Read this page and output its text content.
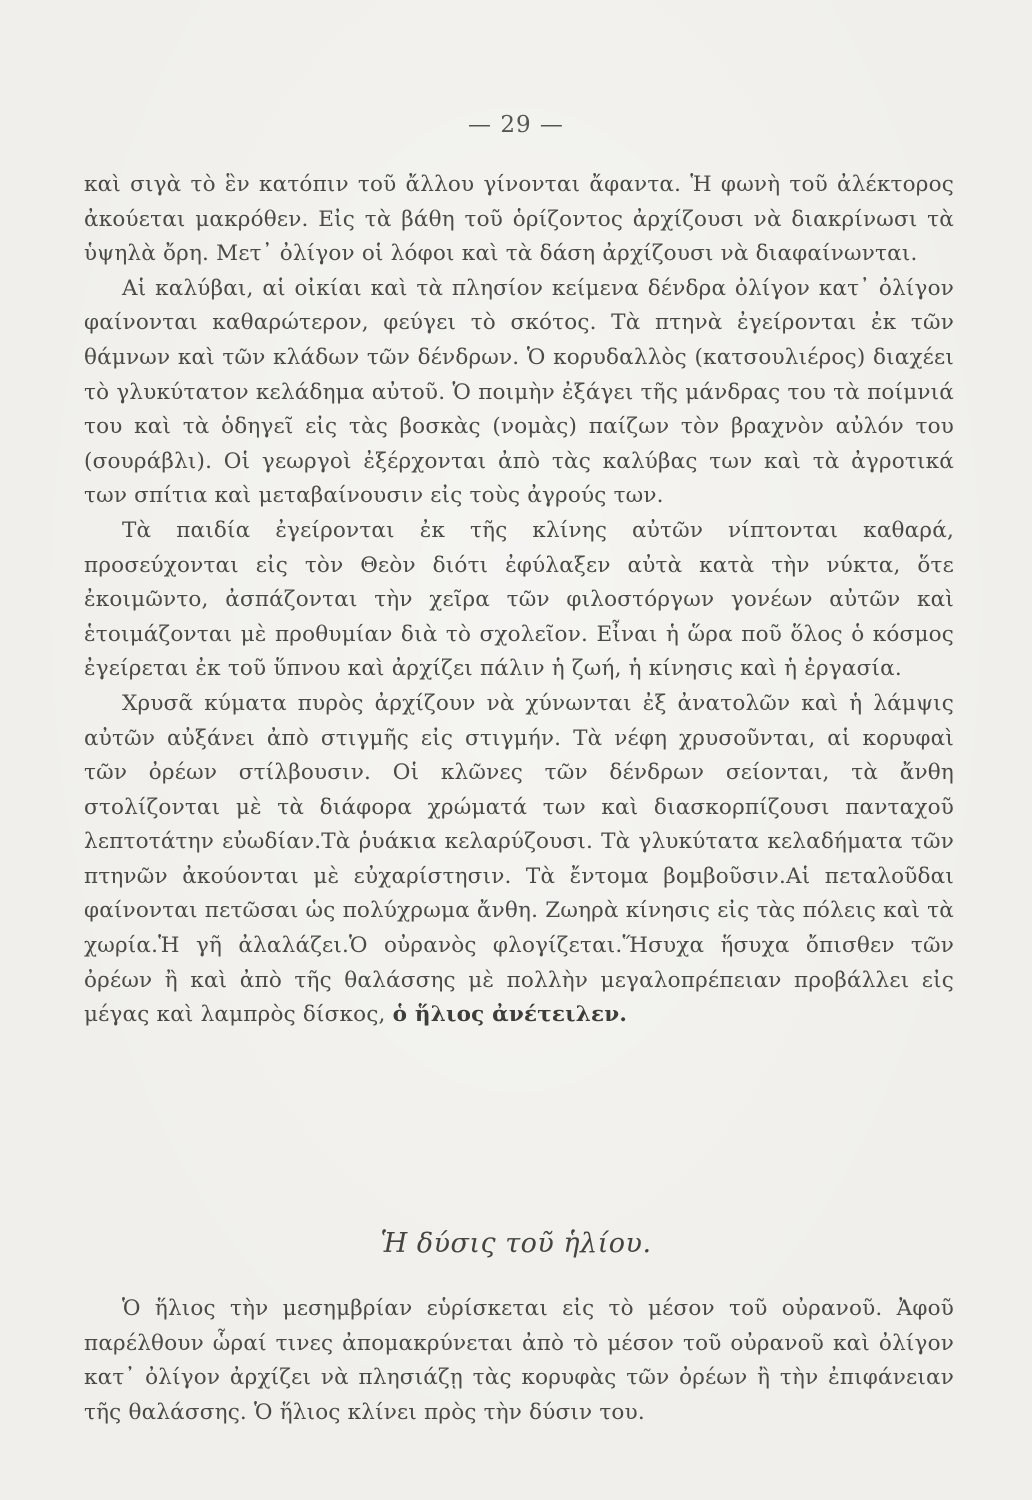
— 29 —

καὶ σιγὰ τὸ ἓν κατόπιν τοῦ ἄλλου γίνονται ἄφαντα. Ἡ φωνὴ τοῦ ἀλέκτορος ἀκούεται μακρόθεν. Εἰς τὰ βάθη τοῦ ὁρίζοντος ἀρχίζουσι νὰ διακρίνωσι τὰ ὑψηλὰ ὄρη. Μετ᾽ ὀλίγον οἱ λόφοι καὶ τὰ δάση ἀρχίζουσι νὰ διαφαίνωνται.

Αἱ καλύβαι, αἱ οἰκίαι καὶ τὰ πλησίον κείμενα δένδρα ὀλίγον κατ᾽ ὀλίγον φαίνονται καθαρώτερον, φεύγει τὸ σκότος. Τὰ πτηνὰ ἐγείρονται ἐκ τῶν θάμνων καὶ τῶν κλάδων τῶν δένδρων. Ὁ κορυδαλλὸς (κατσουλιέρος) διαχέει τὸ γλυκύτατον κελάδημα αὐτοῦ. Ὁ ποιμὴν ἐξάγει τῆς μάνδρας του τὰ ποίμνιά του καὶ τὰ ὁδηγεῖ εἰς τὰς βοσκὰς (νομὰς) παίζων τὸν βραχνὸν αὐλόν του (σουράβλι). Οἱ γεωργοὶ ἐξέρχονται ἀπὸ τὰς καλύβας των καὶ τὰ ἀγροτικά των σπίτια καὶ μεταβαίνουσιν εἰς τοὺς ἀγρούς των.

Τὰ παιδία ἐγείρονται ἐκ τῆς κλίνης αὐτῶν νίπτονται καθαρά, προσεύχονται εἰς τὸν Θεὸν διότι ἐφύλαξεν αὐτὰ κατὰ τὴν νύκτα, ὅτε ἐκοιμῶντο, ἀσπάζονται τὴν χεῖρα τῶν φιλοστόργων γονέων αὐτῶν καὶ ἑτοιμάζονται μὲ προθυμίαν διὰ τὸ σχολεῖον. Εἶναι ἡ ὥρα ποῦ ὅλος ὁ κόσμος ἐγείρεται ἐκ τοῦ ὕπνου καὶ ἀρχίζει πάλιν ἡ ζωή, ἡ κίνησις καὶ ἡ ἐργασία.

Χρυσᾶ κύματα πυρὸς ἀρχίζουν νὰ χύνωνται ἐξ ἀνατολῶν καὶ ἡ λάμψις αὐτῶν αὐξάνει ἀπὸ στιγμῆς εἰς στιγμήν. Τὰ νέφη χρυσοῦνται, αἱ κορυφαὶ τῶν ὀρέων στίλβουσιν. Οἱ κλῶνες τῶν δένδρων σείονται, τὰ ἄνθη στολίζονται μὲ τὰ διάφορα χρώματά των καὶ διασκορπίζουσι πανταχοῦ λεπτοτάτην εὐωδίαν.Τὰ ῥυάκια κελαρύζουσι. Τὰ γλυκύτατα κελαδήματα τῶν πτηνῶν ἀκούονται μὲ εὐχαρίστησιν. Τὰ ἔντομα βομβοῦσιν.Αἱ πεταλοῦδαι φαίνονται πετῶσαι ὡς πολύχρωμα ἄνθη. Ζωηρὰ κίνησις εἰς τὰς πόλεις καὶ τὰ χωρία.Ἡ γῆ ἀλαλάζει.Ὁ οὐρανὸς φλογίζεται.Ἥσυχα ἥσυχα ὄπισθεν τῶν ὀρέων ἢ καὶ ἀπὸ τῆς θαλάσσης μὲ πολλὴν μεγαλοπρέπειαν προβάλλει εἰς μέγας καὶ λαμπρὸς δίσκος, ὁ ἥλιος ἀνέτειλεν.

Ἡ δύσις τοῦ ἡλίου.

Ὁ ἥλιος τὴν μεσημβρίαν εὑρίσκεται εἰς τὸ μέσον τοῦ οὐρανοῦ. Ἀφοῦ παρέλθουν ὧραί τινες ἀπομακρύνεται ἀπὸ τὸ μέσον τοῦ οὐρανοῦ καὶ ὀλίγον κατ᾽ ὀλίγον ἀρχίζει νὰ πλησιάζῃ τὰς κορυφὰς τῶν ὀρέων ἢ τὴν ἐπιφάνειαν τῆς θαλάσσης. Ὁ ἥλιος κλίνει πρὸς τὴν δύσιν του.
